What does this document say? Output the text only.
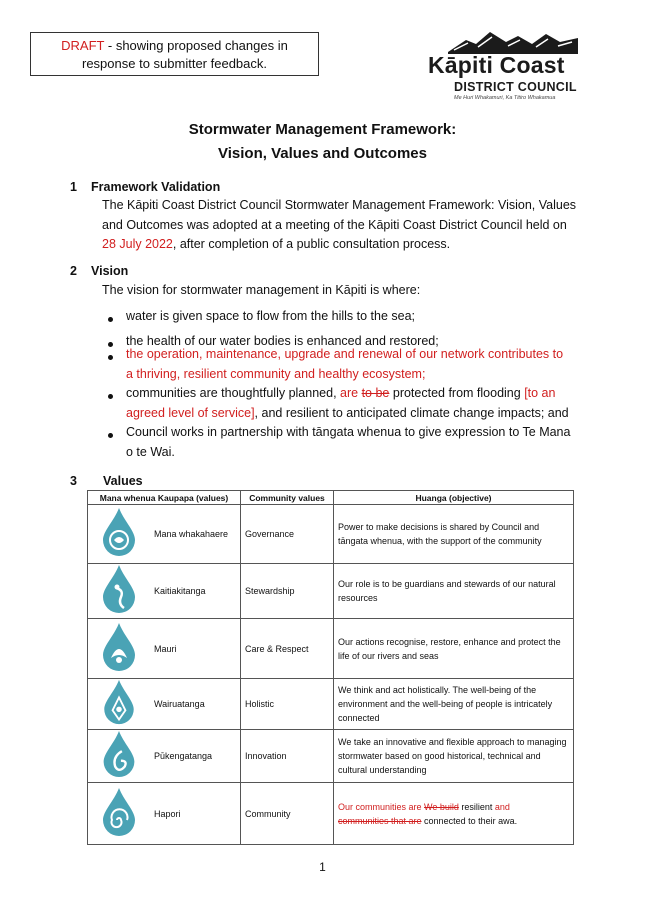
DRAFT - showing proposed changes in
response to submitter feedback.	Kāpiti Coast
DISTRICT COUNCIL
Me Huri Whakamuri, Ka Titiro Whakamua
Stormwater Management Framework:
Vision, Values and Outcomes
1 Framework Validation
The Kāpiti Coast District Council Stormwater Management Framework: Vision, Values
and Outcomes was adopted at a meeting of the Kāpiti Coast District Council held on
28 July 2022, after completion of a public consultation process.
2 Vision
The vision for stormwater management in Kāpiti is where:
water is given space to flow from the hills to the sea;
the health of our water bodies is enhanced and restored;
the operation, maintenance, upgrade and renewal of our network contributes to
a thriving, resilient community and healthy ecosystem;
communities are thoughtfully planned, are to be protected from flooding [to an
agreed level of service], and resilient to anticipated climate change impacts; and
Council works in partnership with tāngata whenua to give expression to Te Mana
o te Wai.
3 Values
Mana whenua Kaupapa (values)		Community values	Huanga (objective)
	Mana whakahaere	Governance	Power to make decisions is shared by Council and tāngata whenua, with the support of the community
	Kaitiakitanga	Stewardship	Our role is to be guardians and stewards of our natural resources
	Mauri	Care & Respect	Our actions recognise, restore, enhance and protect the life of our rivers and seas
	Wairuatanga	Holistic	We think and act holistically. The well-being of the environment and the well-being of people is intricately connected
	Pūkengatanga	Innovation	We take an innovative and flexible approach to managing stormwater based on good historical, technical and cultural understanding
	Hapori	Community	Our communities are We build resilient and
communities that are connected to their awa.
1
